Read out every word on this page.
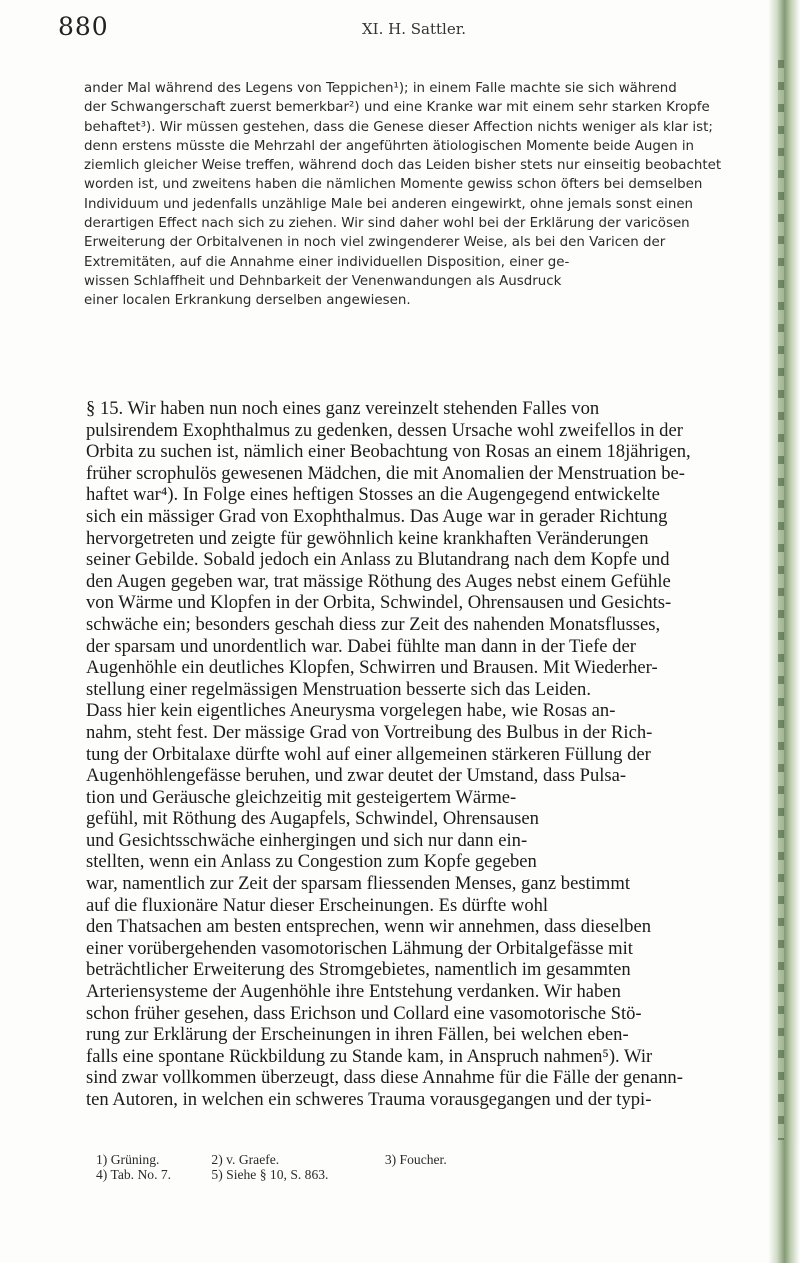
880	XI. H. Sattler.
ander Mal während des Legens von Teppichen¹); in einem Falle machte sie sich während
der Schwangerschaft zuerst bemerkbar²) und eine Kranke war mit einem sehr starken Kropfe
behaftet³). Wir müssen gestehen, dass die Genese dieser Affection nichts weniger als klar ist;
denn erstens müsste die Mehrzahl der angeführten ätiologischen Momente beide Augen in
ziemlich gleicher Weise treffen, während doch das Leiden bisher stets nur einseitig beobachtet
worden ist, und zweitens haben die nämlichen Momente gewiss schon öfters bei demselben
Individuum und jedenfalls unzählige Male bei anderen eingewirkt, ohne jemals sonst einen
derartigen Effect nach sich zu ziehen. Wir sind daher wohl bei der Erklärung der varicösen
Erweiterung der Orbitalvenen in noch viel zwingenderer Weise, als bei den Varicen der
Extremitäten, auf die Annahme einer individuellen Disposition, einer ge-
wissen Schlaffheit und Dehnbarkeit der Venenwandungen als Ausdruck
einer localen Erkrankung derselben angewiesen.
§ 15. Wir haben nun noch eines ganz vereinzelt stehenden Falles von
pulsirendem Exophthalmus zu gedenken, dessen Ursache wohl zweifellos in der
Orbita zu suchen ist, nämlich einer Beobachtung von Rosas an einem 18jährigen,
früher scrophulös gewesenen Mädchen, die mit Anomalien der Menstruation be-
haftet war⁴). In Folge eines heftigen Stosses an die Augengegend entwickelte
sich ein mässiger Grad von Exophthalmus. Das Auge war in gerader Richtung
hervorgetreten und zeigte für gewöhnlich keine krankhaften Veränderungen
seiner Gebilde. Sobald jedoch ein Anlass zu Blutandrang nach dem Kopfe und
den Augen gegeben war, trat mässige Röthung des Auges nebst einem Gefühle
von Wärme und Klopfen in der Orbita, Schwindel, Ohrensausen und Gesichts-
schwäche ein; besonders geschah diess zur Zeit des nahenden Monatsflusses,
der sparsam und unordentlich war. Dabei fühlte man dann in der Tiefe der
Augenhöhle ein deutliches Klopfen, Schwirren und Brausen. Mit Wiederher-
stellung einer regelmässigen Menstruation besserte sich das Leiden.
Dass hier kein eigentliches Aneurysma vorgelegen habe, wie Rosas an-
nahm, steht fest. Der mässige Grad von Vortreibung des Bulbus in der Rich-
tung der Orbitalaxe dürfte wohl auf einer allgemeinen stärkeren Füllung der
Augenhöhlengefässe beruhen, und zwar deutet der Umstand, dass Pulsa-
tion und Geräusche gleichzeitig mit gesteigertem Wärme-
gefühl, mit Röthung des Augapfels, Schwindel, Ohrensausen
und Gesichtsschwäche einhergingen und sich nur dann ein-
stellten, wenn ein Anlass zu Congestion zum Kopfe gegeben
war, namentlich zur Zeit der sparsam fliessenden Menses, ganz bestimmt
auf die fluxionäre Natur dieser Erscheinungen. Es dürfte wohl
den Thatsachen am besten entsprechen, wenn wir annehmen, dass dieselben
einer vorübergehenden vasomotorischen Lähmung der Orbitalgefässe mit
beträchtlicher Erweiterung des Stromgebietes, namentlich im gesammten
Arteriensysteme der Augenhöhle ihre Entstehung verdanken. Wir haben
schon früher gesehen, dass Erichson und Collard eine vasomotorische Stö-
rung zur Erklärung der Erscheinungen in ihren Fällen, bei welchen eben-
falls eine spontane Rückbildung zu Stande kam, in Anspruch nahmen⁵). Wir
sind zwar vollkommen überzeugt, dass diese Annahme für die Fälle der genann-
ten Autoren, in welchen ein schweres Trauma vorausgegangen und der typi-
1) Grüning.	2) v. Graefe.	3) Foucher.
4) Tab. No. 7.	5) Siehe § 10, S. 863.
